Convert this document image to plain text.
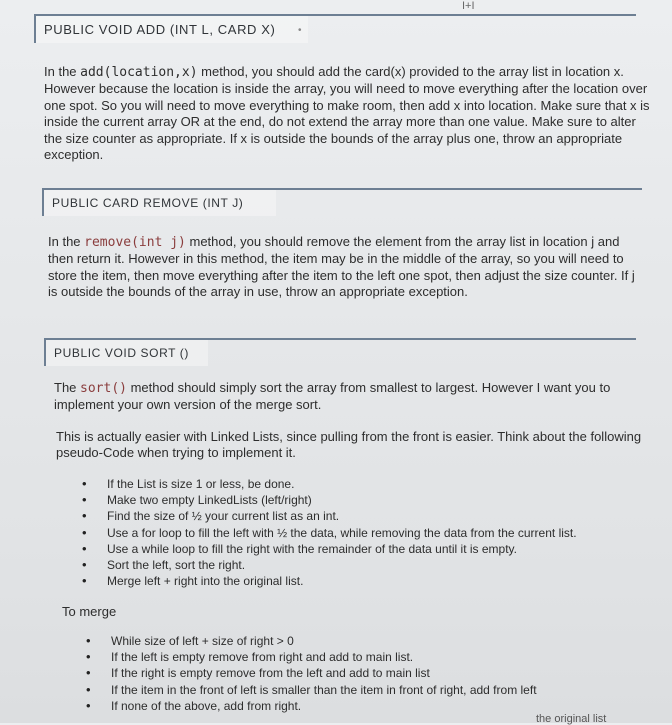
I+I
PUBLIC VOID ADD (INT L, CARD X)	•
In the add(location,x) method, you should add the card(x) provided to the array list in location x. However because the location is inside the array, you will need to move everything after the location over one spot. So you will need to move everything to make room, then add x into location. Make sure that x is inside the current array OR at the end, do not extend the array more than one value. Make sure to alter the size counter as appropriate. If x is outside the bounds of the array plus one, throw an appropriate exception.
PUBLIC CARD REMOVE (INT J)
In the remove(int j) method, you should remove the element from the array list in location j and then return it. However in this method, the item may be in the middle of the array, so you will need to store the item, then move everything after the item to the left one spot, then adjust the size counter. If j is outside the bounds of the array in use, throw an appropriate exception.
PUBLIC VOID SORT ()
The sort() method should simply sort the array from smallest to largest. However I want you to implement your own version of the merge sort.
This is actually easier with Linked Lists, since pulling from the front is easier. Think about the following pseudo-Code when trying to implement it.
• If the List is size 1 or less, be done.
• Make two empty LinkedLists (left/right)
• Find the size of ½ your current list as an int.
• Use a for loop to fill the left with ½ the data, while removing the data from the current list.
• Use a while loop to fill the right with the remainder of the data until it is empty.
• Sort the left, sort the right.
• Merge left + right into the original list.
To merge
• While size of left + size of right > 0
• If the left is empty remove from right and add to main list.
• If the right is empty remove from the left and add to main list
• If the item in the front of left is smaller than the item in front of right, add from left
• If none of the above, add from right.
the original list
